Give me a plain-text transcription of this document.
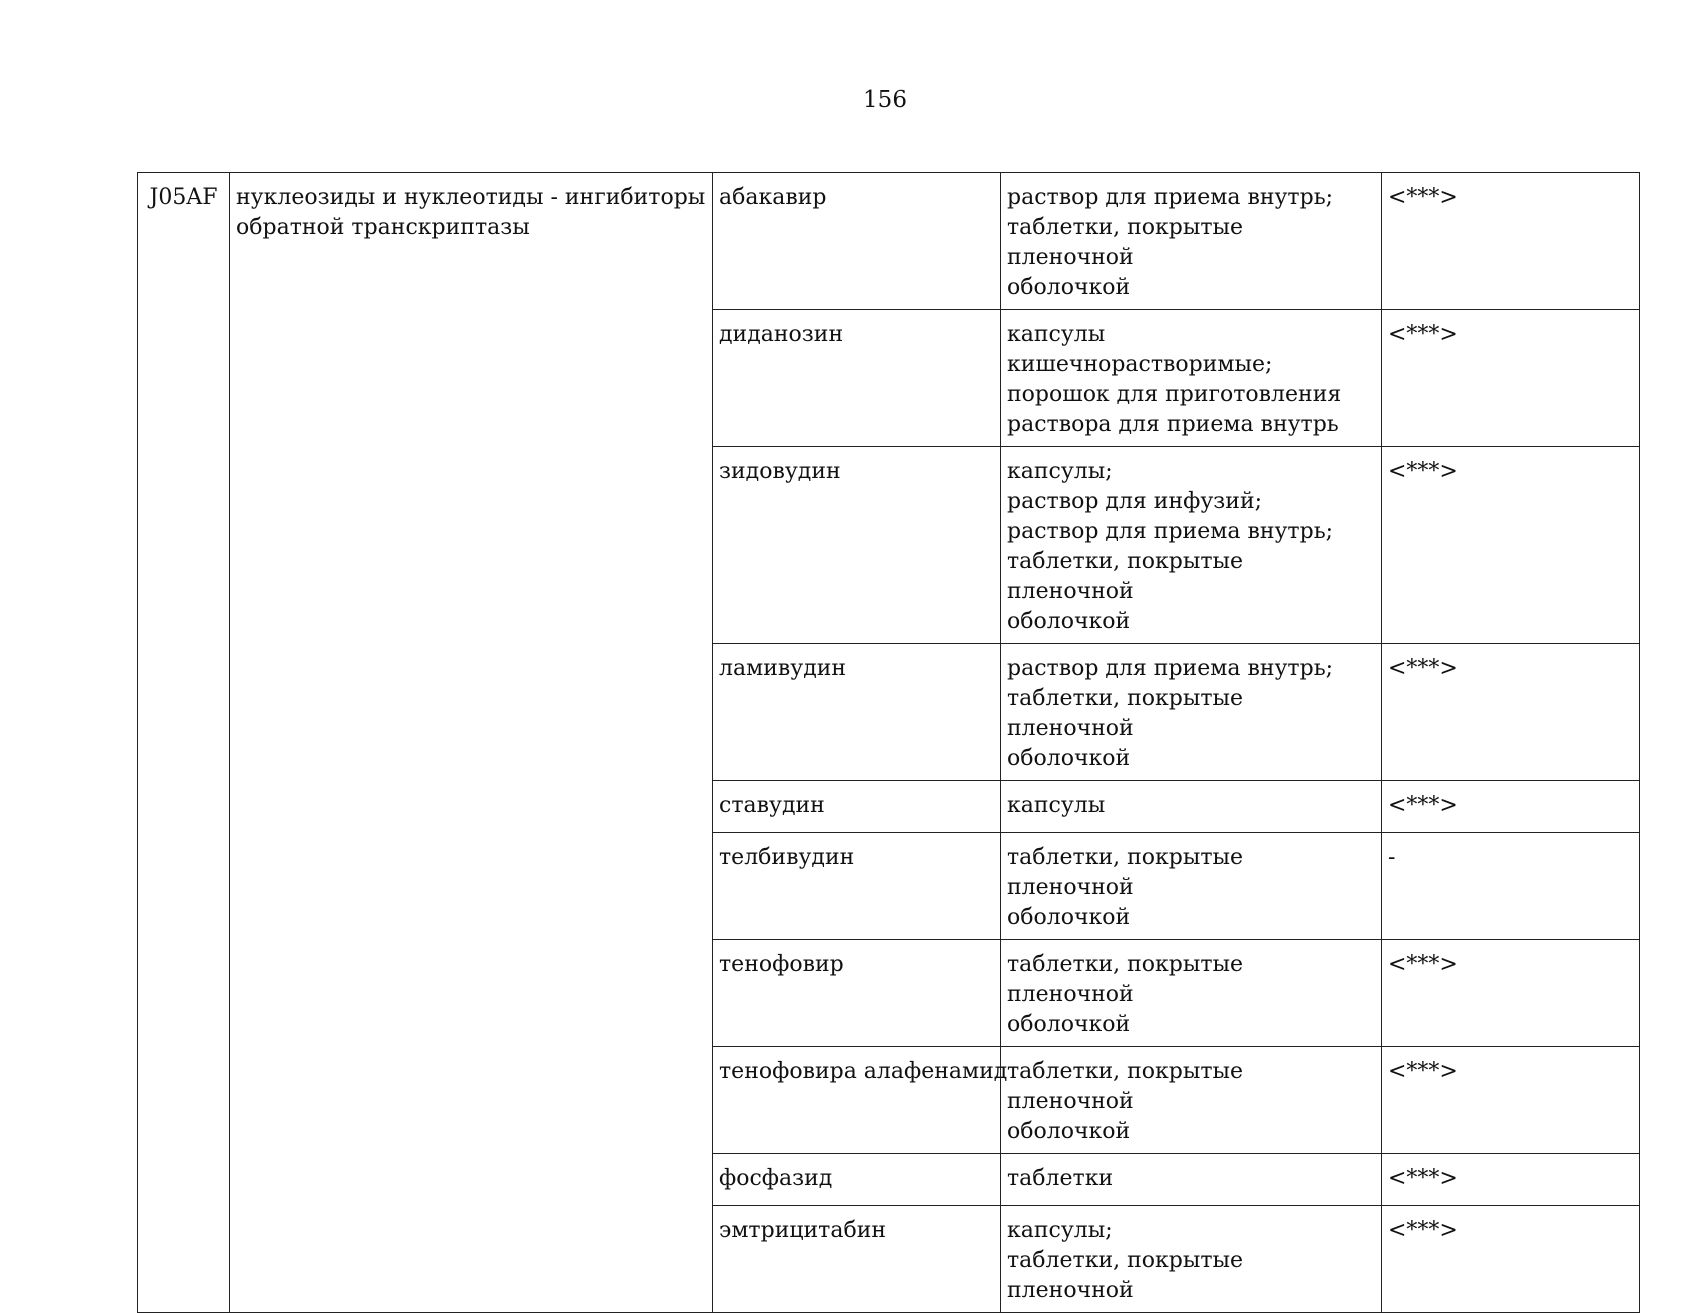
156
J05AF	нуклеозиды и нуклеотиды - ингибиторы обратной транскриптазы	абакавир	раствор для приема внутрь;
таблетки, покрытые пленочной
оболочкой	<***>
		диданозин	капсулы кишечнорастворимые;
порошок для приготовления
раствора для приема внутрь	<***>
		зидовудин	капсулы;
раствор для инфузий;
раствор для приема внутрь;
таблетки, покрытые пленочной
оболочкой	<***>
		ламивудин	раствор для приема внутрь;
таблетки, покрытые пленочной
оболочкой	<***>
		ставудин	капсулы	<***>
		телбивудин	таблетки, покрытые пленочной
оболочкой	-
		тенофовир	таблетки, покрытые пленочной
оболочкой	<***>
		тенофовира алафенамид	таблетки, покрытые пленочной
оболочкой	<***>
		фосфазид	таблетки	<***>
		эмтрицитабин	капсулы;
таблетки, покрытые пленочной	<***>
